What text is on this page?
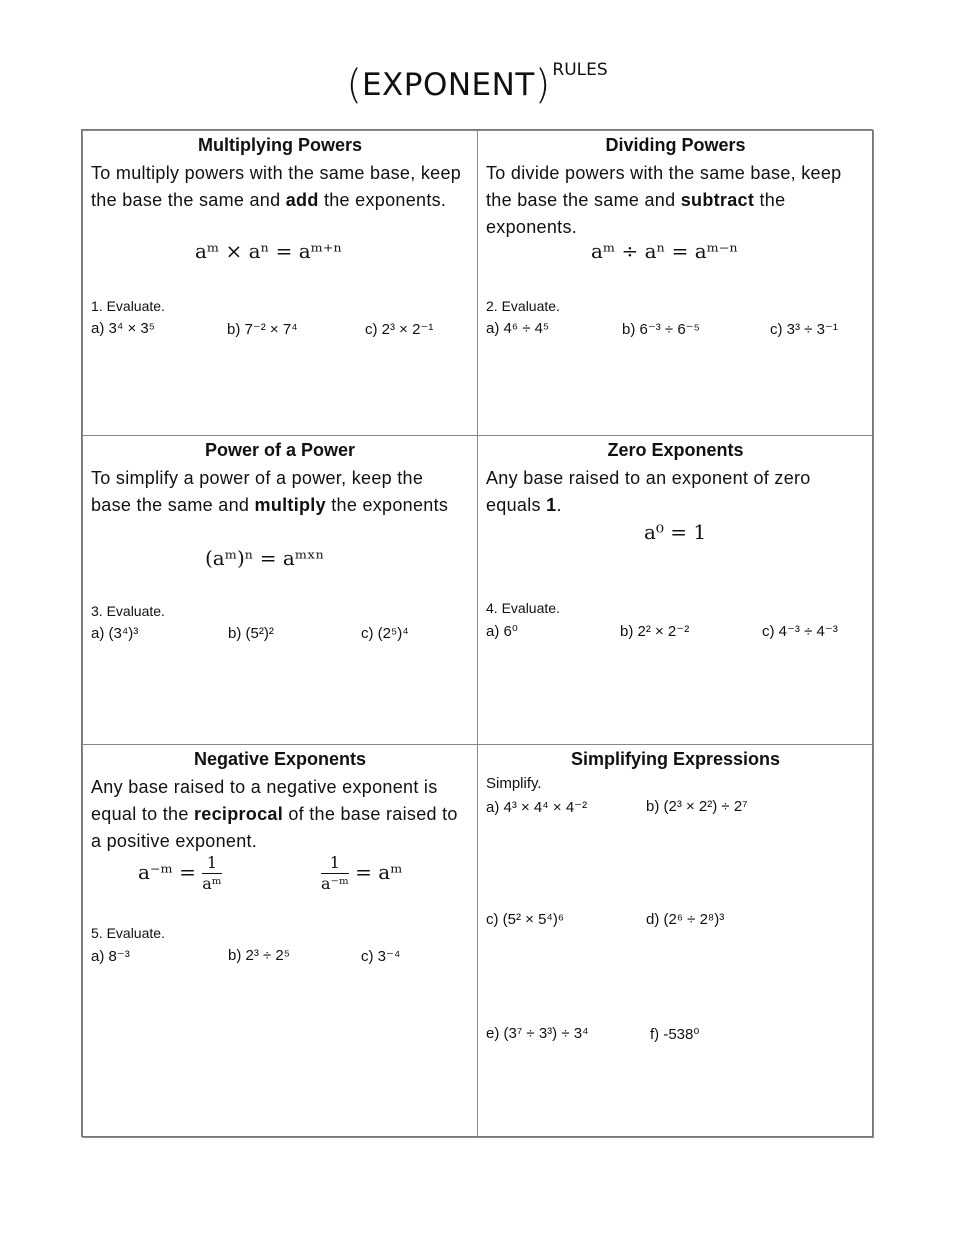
(EXPONENT) RULES
Multiplying Powers
To multiply powers with the same base, keep the base the same and add the exponents.
aᵐ × aⁿ = aᵐ⁺ⁿ
1. Evaluate.
a) 3⁴ × 3⁵	b) 7⁻² × 7⁴	c) 2³ × 2⁻¹
Dividing Powers
To divide powers with the same base, keep the base the same and subtract the exponents.
aᵐ ÷ aⁿ = aᵐ⁻ⁿ
2. Evaluate.
a) 4⁶ ÷ 4⁵	b) 6⁻³ ÷ 6⁻⁵	c) 3³ ÷ 3⁻¹
Power of a Power
To simplify a power of a power, keep the base the same and multiply the exponents
(aᵐ)ⁿ = aᵐˣⁿ
3. Evaluate.
a) (3⁴)³	b) (5²)²	c) (2⁵)⁴
Zero Exponents
Any base raised to an exponent of zero equals 1.
a⁰ = 1
4. Evaluate.
a) 6⁰	b) 2² × 2⁻²	c) 4⁻³ ÷ 4⁻³
Negative Exponents
Any base raised to a negative exponent is equal to the reciprocal of the base raised to a positive exponent.
a⁻ᵐ = $\frac{1}{\text{aᵐ}}$	$\frac{1}{\text{a⁻ᵐ}}$ = aᵐ
5. Evaluate.
a) 8⁻³	b) 2³ ÷ 2⁵	c) 3⁻⁴
Simplifying Expressions
Simplify.
a) 4³ × 4⁴ × 4⁻²	b) (2³ × 2²) ÷ 2⁷
c) (5² × 5⁴)⁶	d) (2⁶ ÷ 2⁸)³
e) (3⁷ ÷ 3³) ÷ 3⁴	f) -538⁰
